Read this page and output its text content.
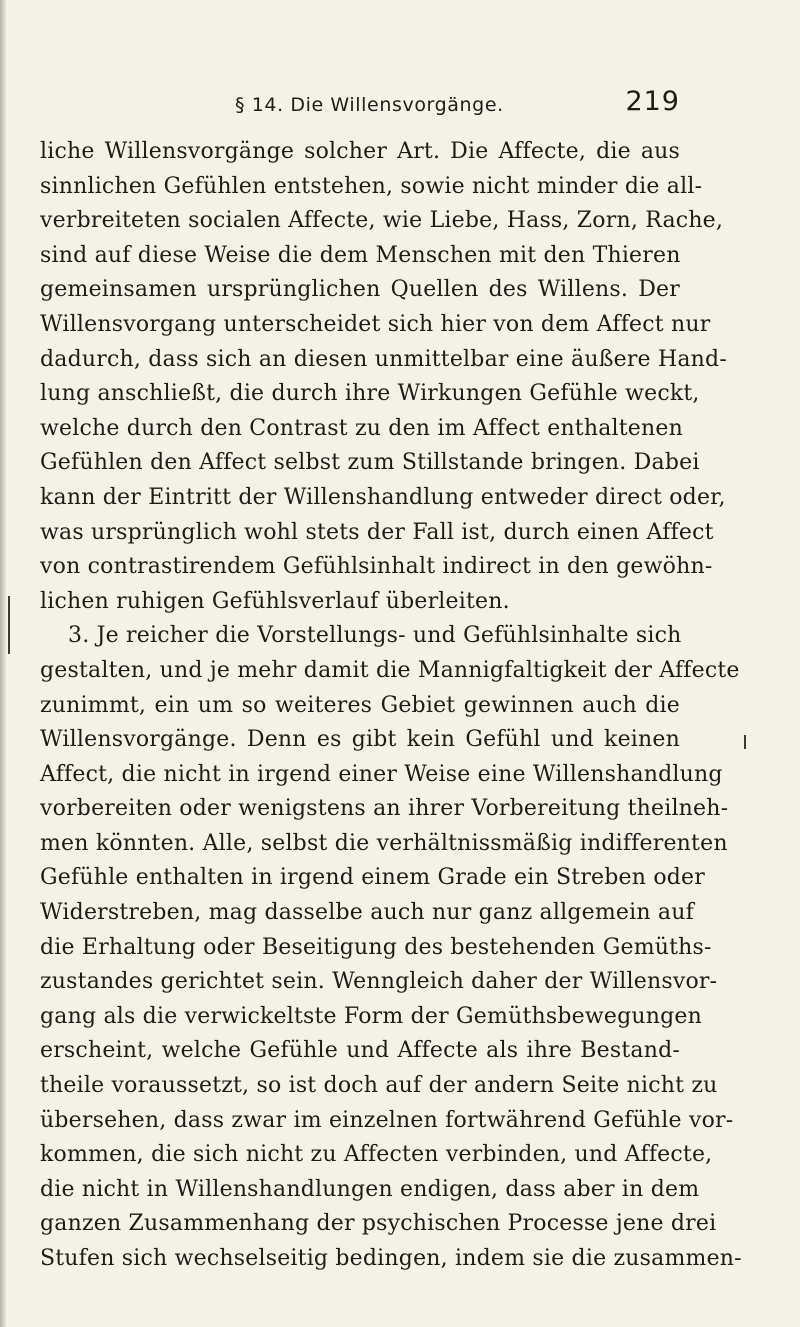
§ 14. Die Willensvorgänge.	219
liche Willensvorgänge solcher Art. Die Affecte, die aus
sinnlichen Gefühlen entstehen, sowie nicht minder die all-
verbreiteten socialen Affecte, wie Liebe, Hass, Zorn, Rache,
sind auf diese Weise die dem Menschen mit den Thieren
gemeinsamen ursprünglichen Quellen des Willens. Der
Willensvorgang unterscheidet sich hier von dem Affect nur
dadurch, dass sich an diesen unmittelbar eine äußere Hand-
lung anschließt, die durch ihre Wirkungen Gefühle weckt,
welche durch den Contrast zu den im Affect enthaltenen
Gefühlen den Affect selbst zum Stillstande bringen. Dabei
kann der Eintritt der Willenshandlung entweder direct oder,
was ursprünglich wohl stets der Fall ist, durch einen Affect
von contrastirendem Gefühlsinhalt indirect in den gewöhn-
lichen ruhigen Gefühlsverlauf überleiten.
3. Je reicher die Vorstellungs- und Gefühlsinhalte sich
gestalten, und je mehr damit die Mannigfaltigkeit der Affecte
zunimmt, ein um so weiteres Gebiet gewinnen auch die
Willensvorgänge. Denn es gibt kein Gefühl und keinen
Affect, die nicht in irgend einer Weise eine Willenshandlung
vorbereiten oder wenigstens an ihrer Vorbereitung theilneh-
men könnten. Alle, selbst die verhältnissmäßig indifferenten
Gefühle enthalten in irgend einem Grade ein Streben oder
Widerstreben, mag dasselbe auch nur ganz allgemein auf
die Erhaltung oder Beseitigung des bestehenden Gemüths-
zustandes gerichtet sein. Wenngleich daher der Willensvor-
gang als die verwickeltste Form der Gemüthsbewegungen
erscheint, welche Gefühle und Affecte als ihre Bestand-
theile voraussetzt, so ist doch auf der andern Seite nicht zu
übersehen, dass zwar im einzelnen fortwährend Gefühle vor-
kommen, die sich nicht zu Affecten verbinden, und Affecte,
die nicht in Willenshandlungen endigen, dass aber in dem
ganzen Zusammenhang der psychischen Processe jene drei
Stufen sich wechselseitig bedingen, indem sie die zusammen-
